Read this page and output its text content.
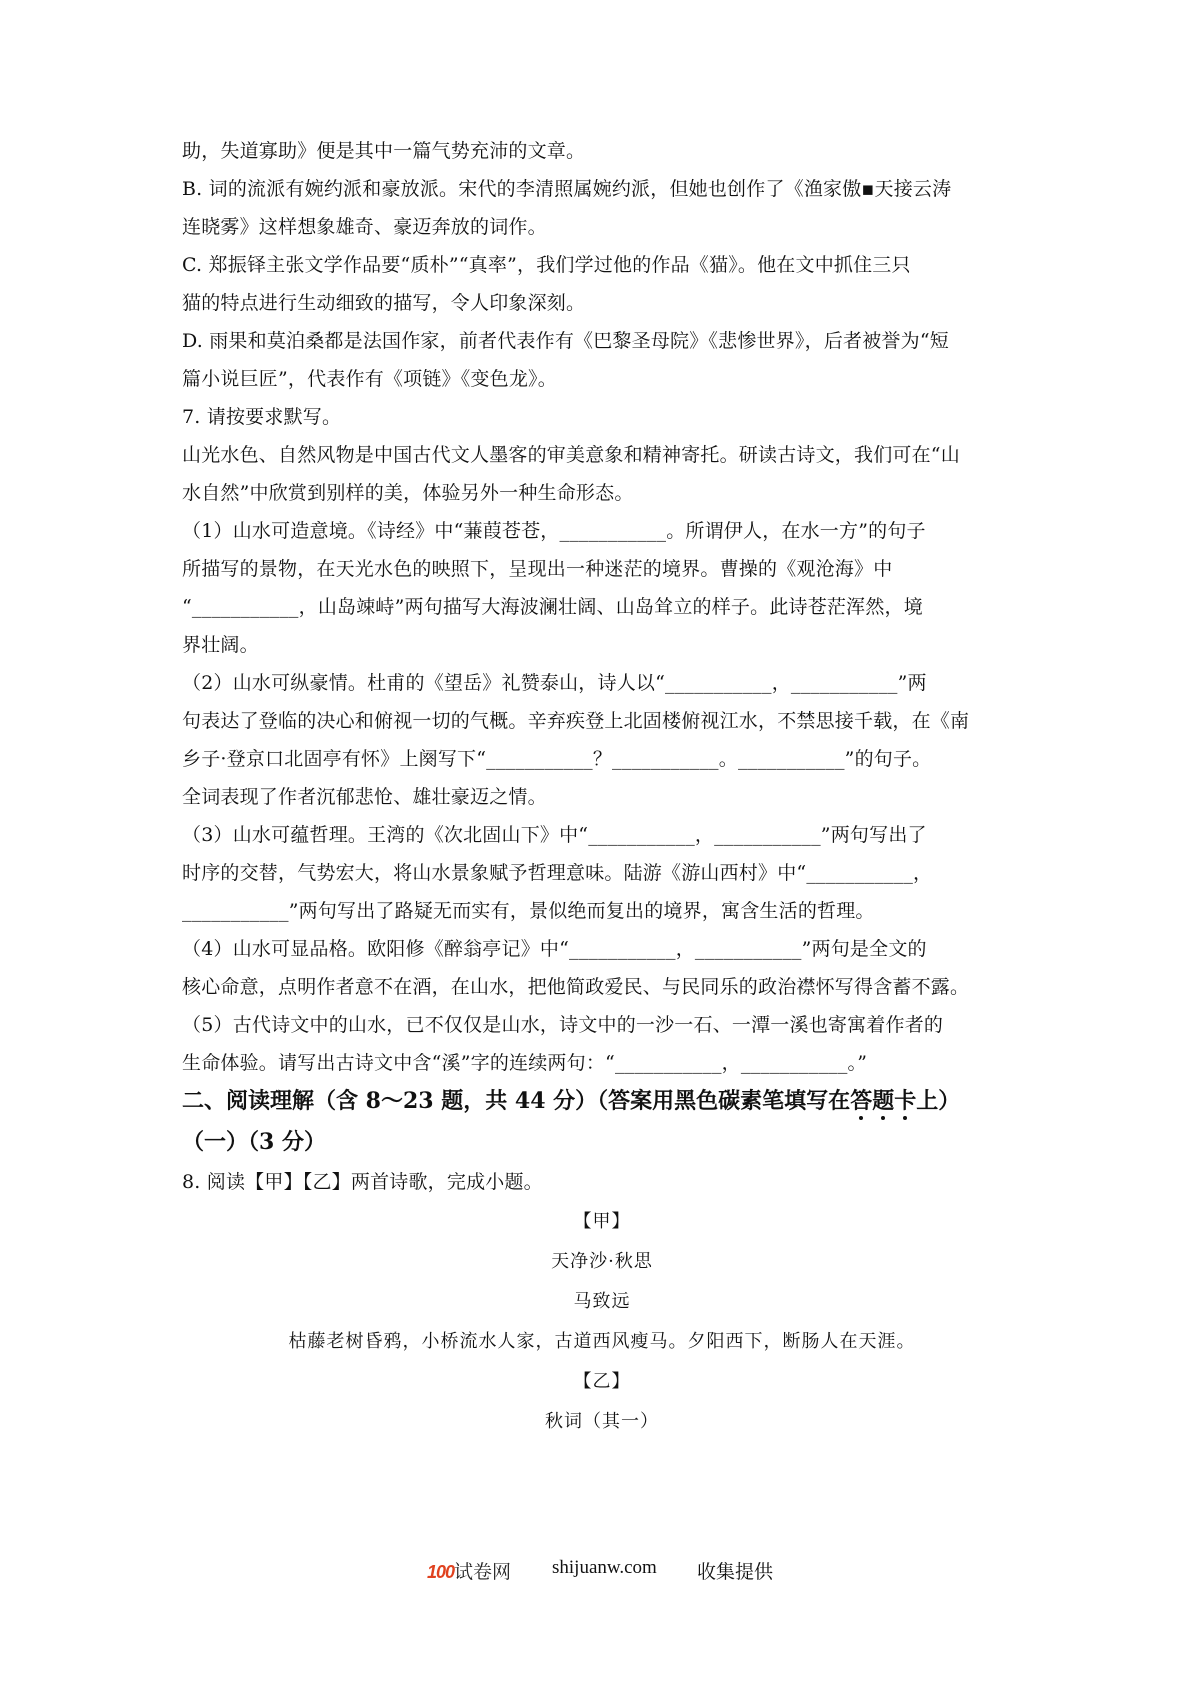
助，失道寡助》便是其中一篇气势充沛的文章。
B. 词的流派有婉约派和豪放派。宋代的李清照属婉约派，但她也创作了《渔家傲▪天接云涛
连晓雾》这样想象雄奇、豪迈奔放的词作。
C. 郑振铎主张文学作品要“质朴”“真率”，我们学过他的作品《猫》。他在文中抓住三只
猫的特点进行生动细致的描写，令人印象深刻。
D. 雨果和莫泊桑都是法国作家，前者代表作有《巴黎圣母院》《悲惨世界》，后者被誉为“短
篇小说巨匠”，代表作有《项链》《变色龙》。
7. 请按要求默写。
山光水色、自然风物是中国古代文人墨客的审美意象和精神寄托。研读古诗文，我们可在“山
水自然”中欣赏到别样的美，体验另外一种生命形态。
（1）山水可造意境。《诗经》中“蒹葭苍苍，___________。所谓伊人，在水一方”的句子
所描写的景物，在天光水色的映照下，呈现出一种迷茫的境界。曹操的《观沧海》中
“___________，山岛竦峙”两句描写大海波澜壮阔、山岛耸立的样子。此诗苍茫浑然，境
界壮阔。
（2）山水可纵豪情。杜甫的《望岳》礼赞泰山，诗人以“___________，___________”两
句表达了登临的决心和俯视一切的气概。辛弃疾登上北固楼俯视江水，不禁思接千载，在《南
乡子·登京口北固亭有怀》上阕写下“___________？___________。___________”的句子。
全词表现了作者沉郁悲怆、雄壮豪迈之情。
（3）山水可蕴哲理。王湾的《次北固山下》中“___________，___________”两句写出了
时序的交替，气势宏大，将山水景象赋予哲理意味。陆游《游山西村》中“___________，
___________”两句写出了路疑无而实有，景似绝而复出的境界，寓含生活的哲理。
（4）山水可显品格。欧阳修《醉翁亭记》中“___________，___________”两句是全文的
核心命意，点明作者意不在酒，在山水，把他简政爱民、与民同乐的政治襟怀写得含蓄不露。
（5）古代诗文中的山水，已不仅仅是山水，诗文中的一沙一石、一潭一溪也寄寓着作者的
生命体验。请写出古诗文中含“溪”字的连续两句：“___________，___________。”
二、阅读理解（含 8～23 题，共 44 分）（答案用黑色碳素笔填写在答题卡上）
（一）（3 分）
8. 阅读【甲】【乙】两首诗歌，完成小题。
【甲】
天净沙·秋思
马致远
枯藤老树昏鸦，小桥流水人家，古道西风瘦马。夕阳西下，断肠人在天涯。
【乙】
秋词（其一）
100试卷网 shijuanw.com 收集提供
